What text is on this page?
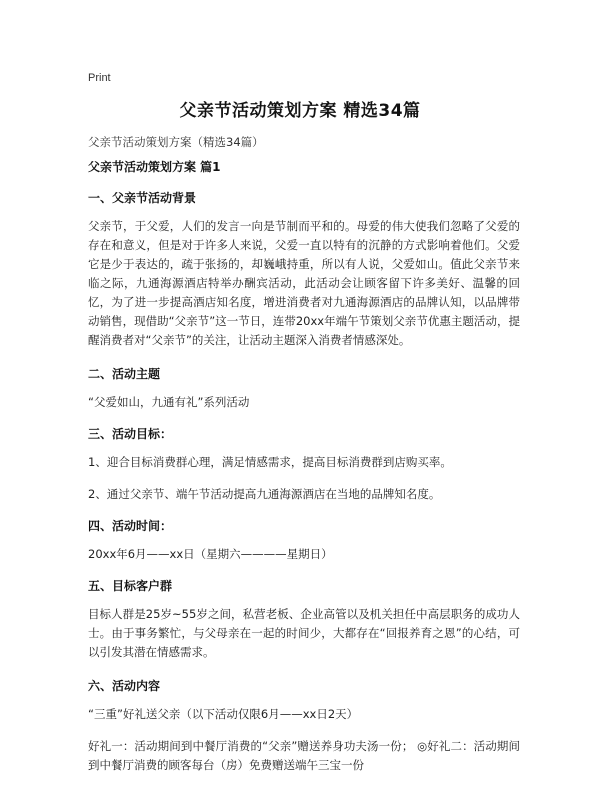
Print
父亲节活动策划方案 精选34篇
父亲节活动策划方案（精选34篇）
父亲节活动策划方案 篇1
一、父亲节活动背景

父亲节，于父爱，人们的发言一向是节制而平和的。母爱的伟大使我们忽略了父爱的存在和意义，但是对于许多人来说，父爱一直以特有的沉静的方式影响着他们。父爱它是少于表达的，疏于张扬的，却巍峨持重，所以有人说，父爱如山。值此父亲节来临之际，九通海源酒店特举办酬宾活动，此活动会让顾客留下许多美好、温馨的回忆，为了进一步提高酒店知名度，增进消费者对九通海源酒店的品牌认知，以品牌带动销售，现借助“父亲节”这一节日，连带20xx年端午节策划父亲节优惠主题活动，提醒消费者对“父亲节”的关注，让活动主题深入消费者情感深处。

二、活动主题

“父爱如山，九通有礼”系列活动

三、活动目标：

1、迎合目标消费群心理，满足情感需求，提高目标消费群到店购买率。

2、通过父亲节、端午节活动提高九通海源酒店在当地的品牌知名度。

四、活动时间：

20xx年6月——xx日（星期六————星期日）

五、目标客户群

目标人群是25岁~55岁之间，私营老板、企业高管以及机关担任中高层职务的成功人士。由于事务繁忙，与父母亲在一起的时间少，大都存在“回报养育之恩”的心结，可以引发其潜在情感需求。

六、活动内容

“三重”好礼送父亲（以下活动仅限6月——xx日2天）

好礼一：活动期间到中餐厅消费的“父亲”赠送养身功夫汤一份； ◎好礼二：活动期间到中餐厅消费的顾客每台（房）免费赠送端午三宝一份
